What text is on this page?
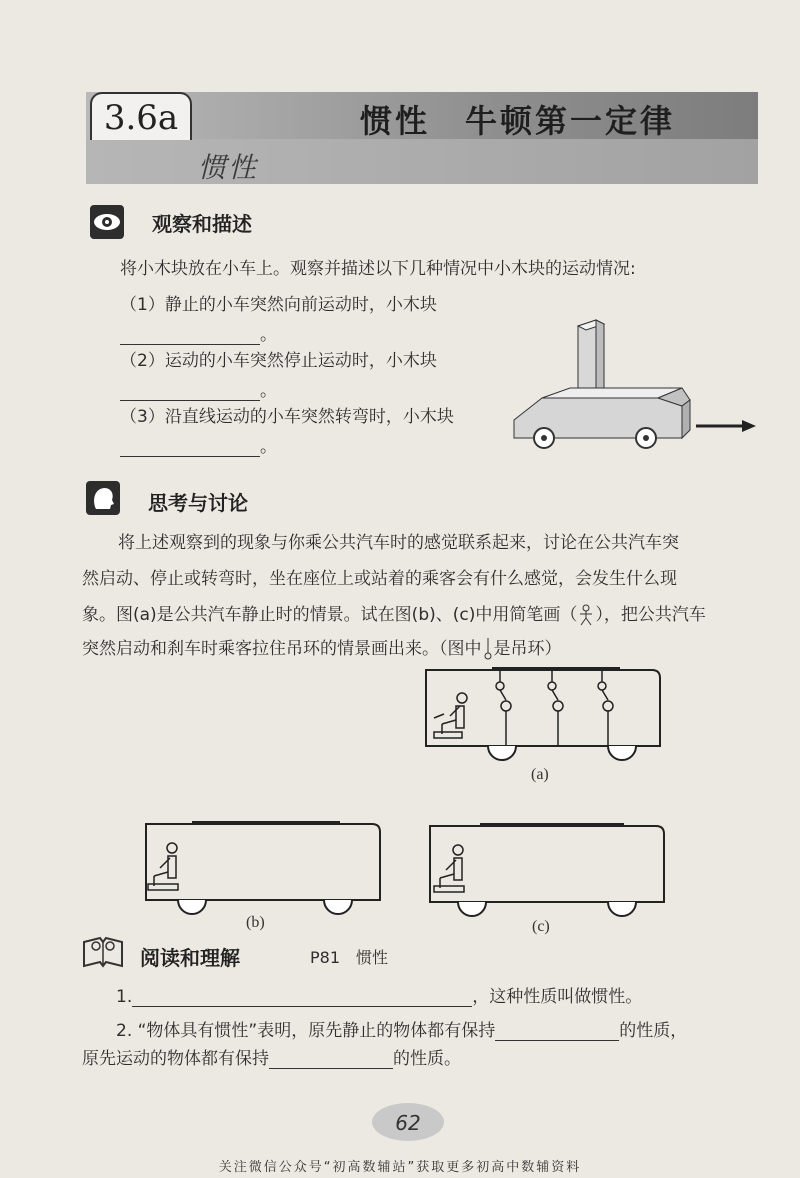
3.6a	惯性　牛顿第一定律
惯性
观察和描述
将小木块放在小车上。观察并描述以下几种情况中小木块的运动情况:
（1）静止的小车突然向前运动时，小木块
。
（2）运动的小车突然停止运动时，小木块
。
（3）沿直线运动的小车突然转弯时，小木块
。
思考与讨论
将上述观察到的现象与你乘公共汽车时的感觉联系起来，讨论在公共汽车突
然启动、停止或转弯时，坐在座位上或站着的乘客会有什么感觉，会发生什么现
象。图(a)是公共汽车静止时的情景。试在图(b)、(c)中用简笔画（ ），把公共汽车
突然启动和刹车时乘客拉住吊环的情景画出来。（图中 是吊环）
(a)
(b)	(c)
阅读和理解	P81　惯性
1.	，这种性质叫做惯性。
2. “物体具有惯性”表明，原先静止的物体都有保持	的性质，
原先运动的物体都有保持	的性质。
62
关注微信公众号“初高数辅站”获取更多初高中数辅资料
